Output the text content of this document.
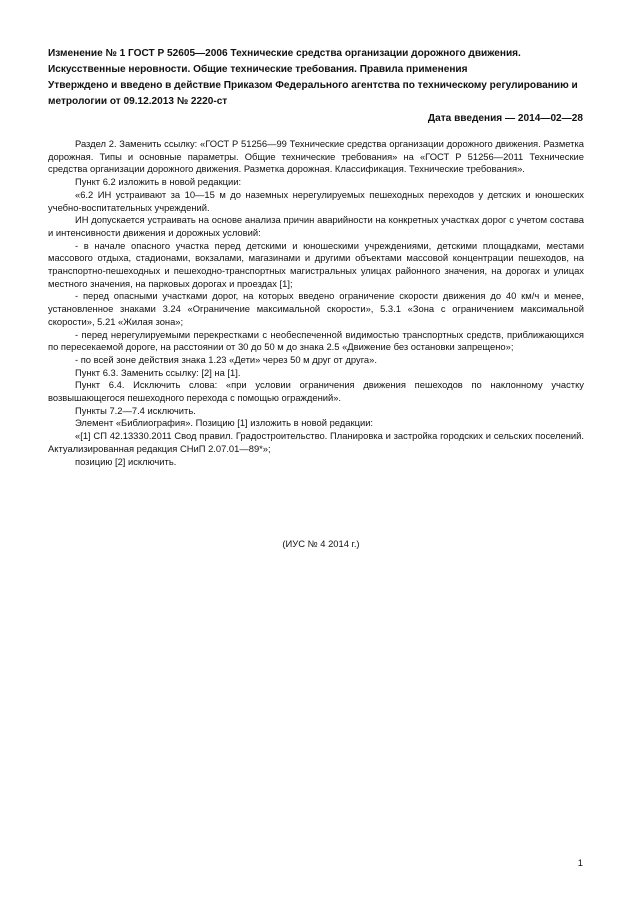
Изменение № 1 ГОСТ Р 52605—2006 Технические средства организации дорожного движения. Искусственные неровности. Общие технические требования. Правила применения

Утверждено и введено в действие Приказом Федерального агентства по техническому регулированию и метрологии от 09.12.2013 № 2220-ст

Дата введения — 2014—02—28

Раздел 2. Заменить ссылку: «ГОСТ Р 51256—99 Технические средства организации дорожного движения. Разметка дорожная. Типы и основные параметры. Общие технические требования» на «ГОСТ Р 51256—2011 Технические средства организации дорожного движения. Разметка дорожная. Классификация. Технические требования».

Пункт 6.2 изложить в новой редакции:

«6.2 ИН устраивают за 10—15 м до наземных нерегулируемых пешеходных переходов у детских и юношеских учебно-воспитательных учреждений.

ИН допускается устраивать на основе анализа причин аварийности на конкретных участках дорог с учетом состава и интенсивности движения и дорожных условий:

- в начале опасного участка перед детскими и юношескими учреждениями, детскими площадками, местами массового отдыха, стадионами, вокзалами, магазинами и другими объектами массовой концентрации пешеходов, на транспортно-пешеходных и пешеходно-транспортных магистральных улицах районного значения, на дорогах и улицах местного значения, на парковых дорогах и проездах [1];

- перед опасными участками дорог, на которых введено ограничение скорости движения до 40 км/ч и менее, установленное знаками 3.24 «Ограничение максимальной скорости», 5.3.1 «Зона с ограничением максимальной скорости», 5.21 «Жилая зона»;

- перед нерегулируемыми перекрестками с необеспеченной видимостью транспортных средств, приближающихся по пересекаемой дороге, на расстоянии от 30 до 50 м до знака 2.5 «Движение без остановки запрещено»;

- по всей зоне действия знака 1.23 «Дети» через 50 м друг от друга».

Пункт 6.3. Заменить ссылку: [2] на [1].

Пункт 6.4. Исключить слова: «при условии ограничения движения пешеходов по наклонному участку возвышающегося пешеходного перехода с помощью ограждений».

Пункты 7.2—7.4 исключить.

Элемент «Библиография». Позицию [1] изложить в новой редакции:

«[1] СП 42.13330.2011 Свод правил. Градостроительство. Планировка и застройка городских и сельских поселений. Актуализированная редакция СНиП 2.07.01—89*»;

позицию [2] исключить.

(ИУС № 4 2014 г.)
1
